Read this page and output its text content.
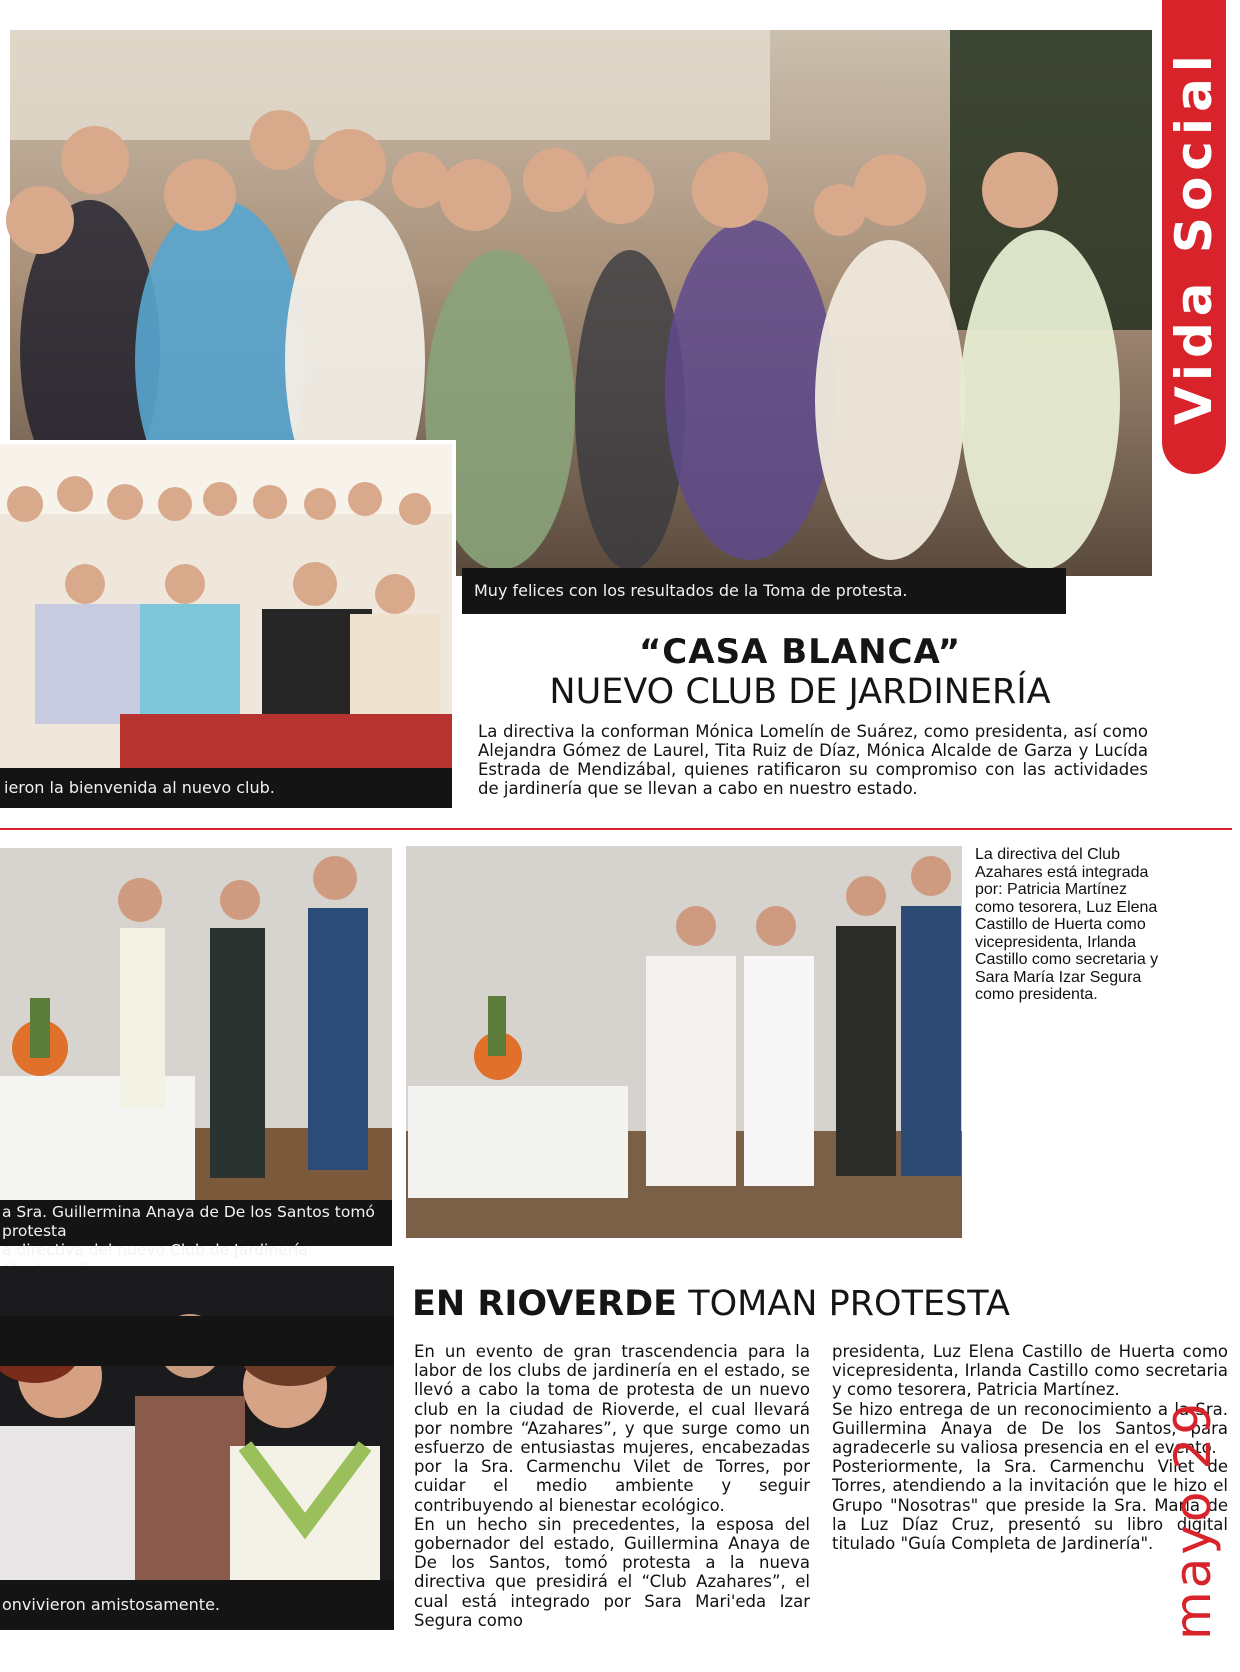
Vida Social
Muy felices con los resultados de la Toma de protesta.
ieron la bienvenida al nuevo club.
“CASA BLANCA”
NUEVO CLUB DE JARDINERÍA
La directiva la conforman Mónica Lomelín de Suárez, como presidenta, así como Alejandra Gómez de Laurel, Tita Ruiz de Díaz, Mónica Alcalde de Garza y Lucída Estrada de Mendizábal, quienes ratificaron su compromiso con las actividades de jardinería que se llevan a cabo en nuestro estado.
a Sra. Guillermina Anaya de De los Santos tomó protesta
a directiva del nuevo Club de Jardinería
La directiva del Club Azahares está integrada por: Patricia Martínez como tesorera, Luz Elena Castillo de Huerta como vicepresidenta, Irlanda Castillo como secretaria y Sara María Izar Segura como presidenta.
onvivieron amistosamente.
EN RIOVERDE TOMAN PROTESTA

En un evento de gran trascendencia para la labor de los clubs de jardinería en el estado, se llevó a cabo la toma de protesta de un nuevo club en la ciudad de Rioverde, el cual llevará por nombre “Azahares”, y que surge como un esfuerzo de entusiastas mujeres, encabezadas por la Sra. Carmenchu Vilet de Torres, por cuidar el medio ambiente y seguir contribuyendo al bienestar ecológico.

En un hecho sin precedentes, la esposa del gobernador del estado, Guillermina Anaya de De los Santos, tomó protesta a la nueva directiva que presidirá el “Club Azahares”, el cual está integrado por Sara Mari'eda Izar Segura como

presidenta, Luz Elena Castillo de Huerta como vicepresidenta, Irlanda Castillo como secretaria y como tesorera, Patricia Martínez.

Se hizo entrega de un reconocimiento a la Sra. Guillermina Anaya de De los Santos, para agradecerle su valiosa presencia en el evento.

Posteriormente, la Sra. Carmenchu Vilet de Torres, atendiendo a la invitación que le hizo el Grupo "Nosotras" que preside la Sra. María de la Luz Díaz Cruz, presentó su libro digital titulado "Guía Completa de Jardinería". mayo 29
